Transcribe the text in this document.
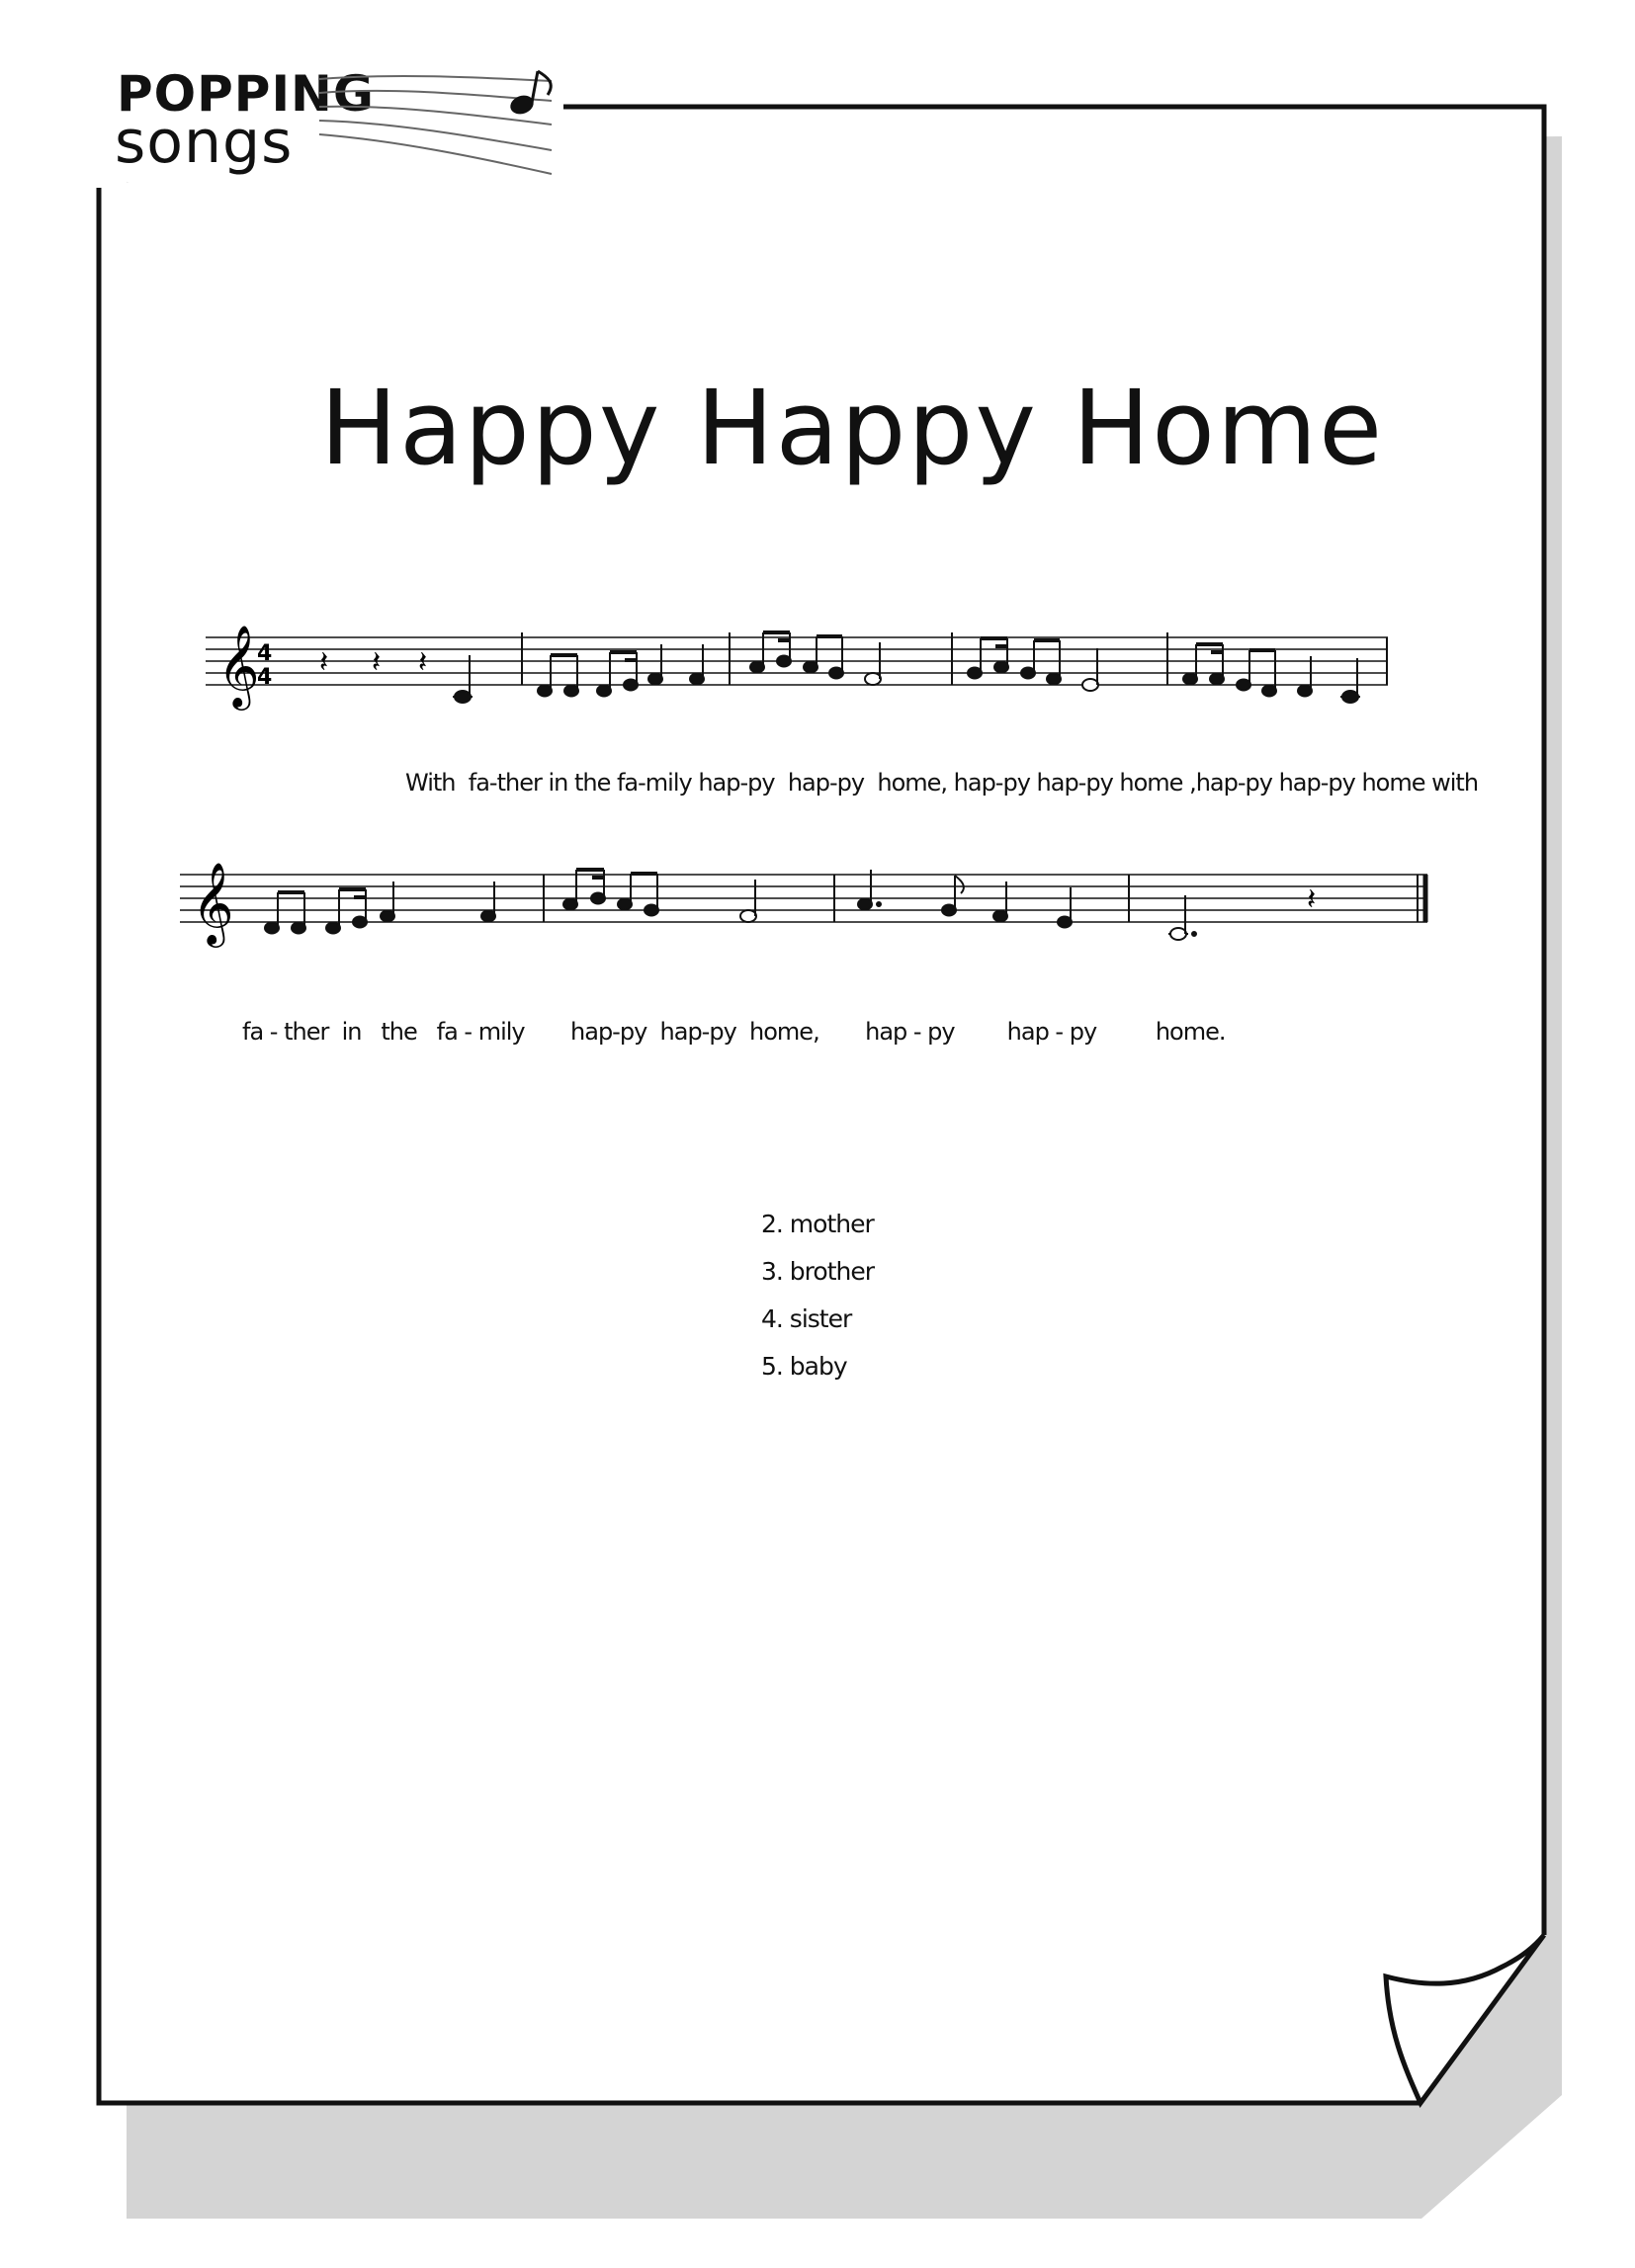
POPPING
songs
Happy Happy Home
𝄞
4
4 𝄽 𝄽 𝄽
With  fa-ther in the fa-mily hap-py  hap-py  home, hap-py hap-py home ,hap-py hap-py home with
𝄞	𝄽
fa - ther  in   the   fa - mily       hap-py  hap-py  home,       hap - py        hap - py         home.
2. mother
3. brother
4. sister
5. baby
